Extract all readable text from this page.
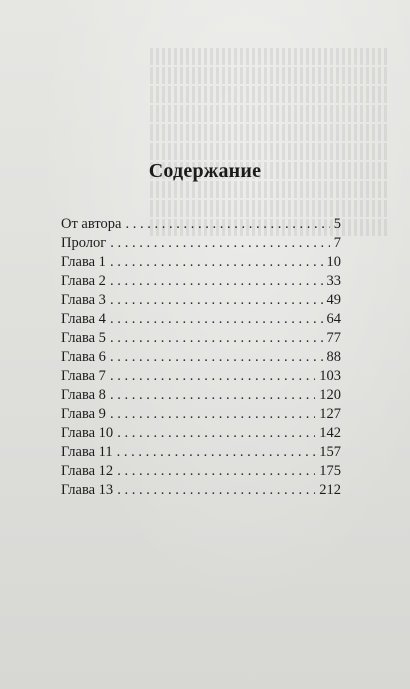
Содержание
От автора . . .	5
Пролог . . .	7
Глава 1 . . .	10
Глава 2 . . .	33
Глава 3 . . .	49
Глава 4 . . .	64
Глава 5 . . .	77
Глава 6 . . .	88
Глава 7 . . .	103
Глава 8 . . .	120
Глава 9 . . .	127
Глава 10 . . .	142
Глава 11 . . .	157
Глава 12 . . .	175
Глава 13 . . .	212
